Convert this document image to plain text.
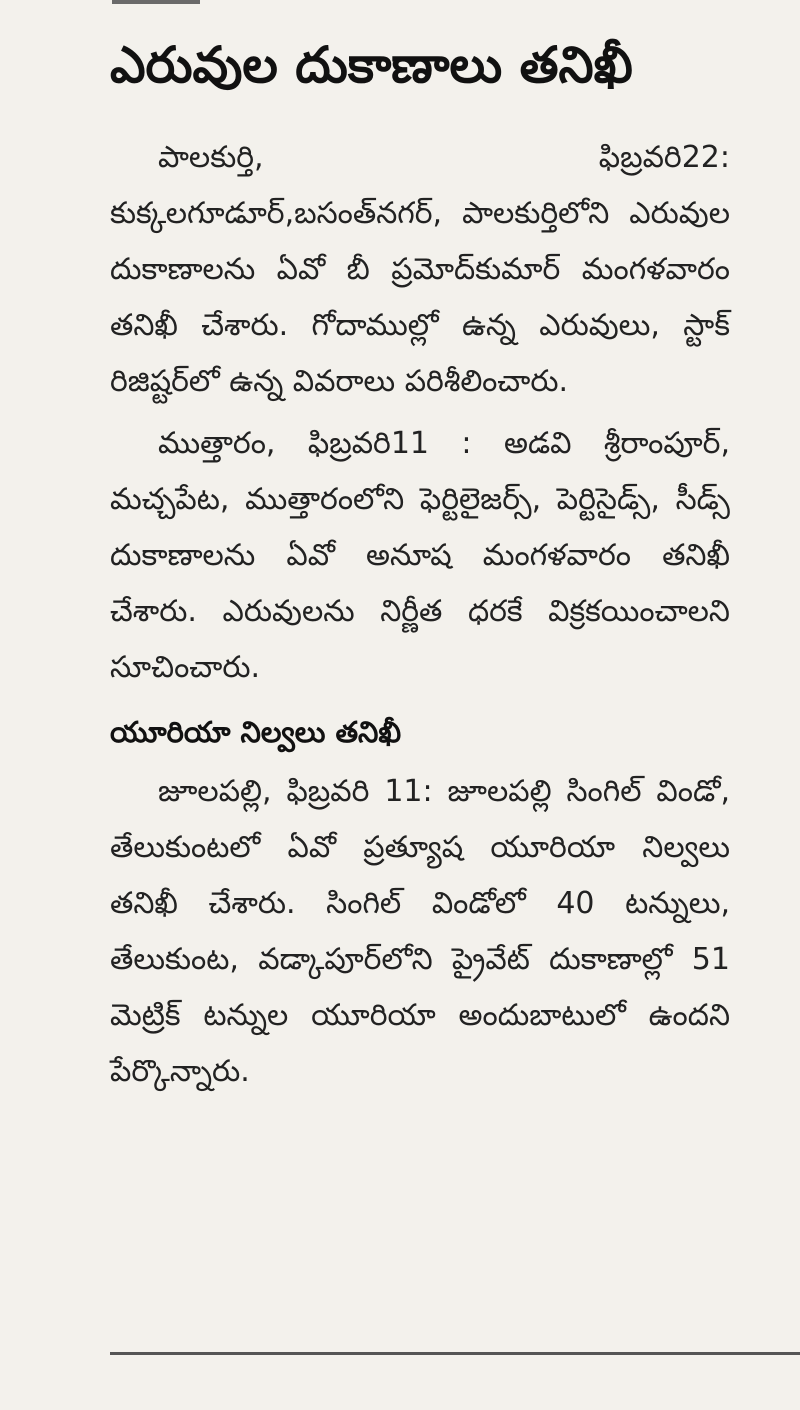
ఎరువుల దుకాణాలు తనిఖీ

పాలకుర్తి, ఫిబ్రవరి22: కుక్కలగూడూర్,బసంత్‌నగర్, పాలకుర్తిలోని ఎరువుల దుకాణాలను ఏవో బీ ప్రమోద్‌కుమార్ మంగళవారం తనిఖీ చేశారు. గోదాముల్లో ఉన్న ఎరువులు, స్టాక్ రిజిష్టర్‌లో ఉన్న వివరాలు పరిశీలించారు.

ముత్తారం, ఫిబ్రవరి11 : అడవి శ్రీరాంపూర్, మచ్చపేట, ముత్తారంలోని ఫెర్టిలైజర్స్, పెర్టిసైడ్స్, సీడ్స్ దుకాణాలను ఏవో అనూష మంగళవారం తనిఖీ చేశారు. ఎరువులను నిర్ణీత ధరకే విక్రకయించాలని సూచించారు.

యూరియా నిల్వలు తనిఖీ

జూలపల్లి, ఫిబ్రవరి 11: జూలపల్లి సింగిల్ విండో, తేలుకుంటలో ఏవో ప్రత్యూష యూరియా నిల్వలు తనిఖీ చేశారు. సింగిల్ విండోలో 40 టన్నులు, తేలుకుంట, వడ్కాపూర్‌లోని ప్రైవేట్ దుకాణాల్లో 51 మెట్రిక్ టన్నుల యూరియా అందుబాటులో ఉందని పేర్కొన్నారు.
